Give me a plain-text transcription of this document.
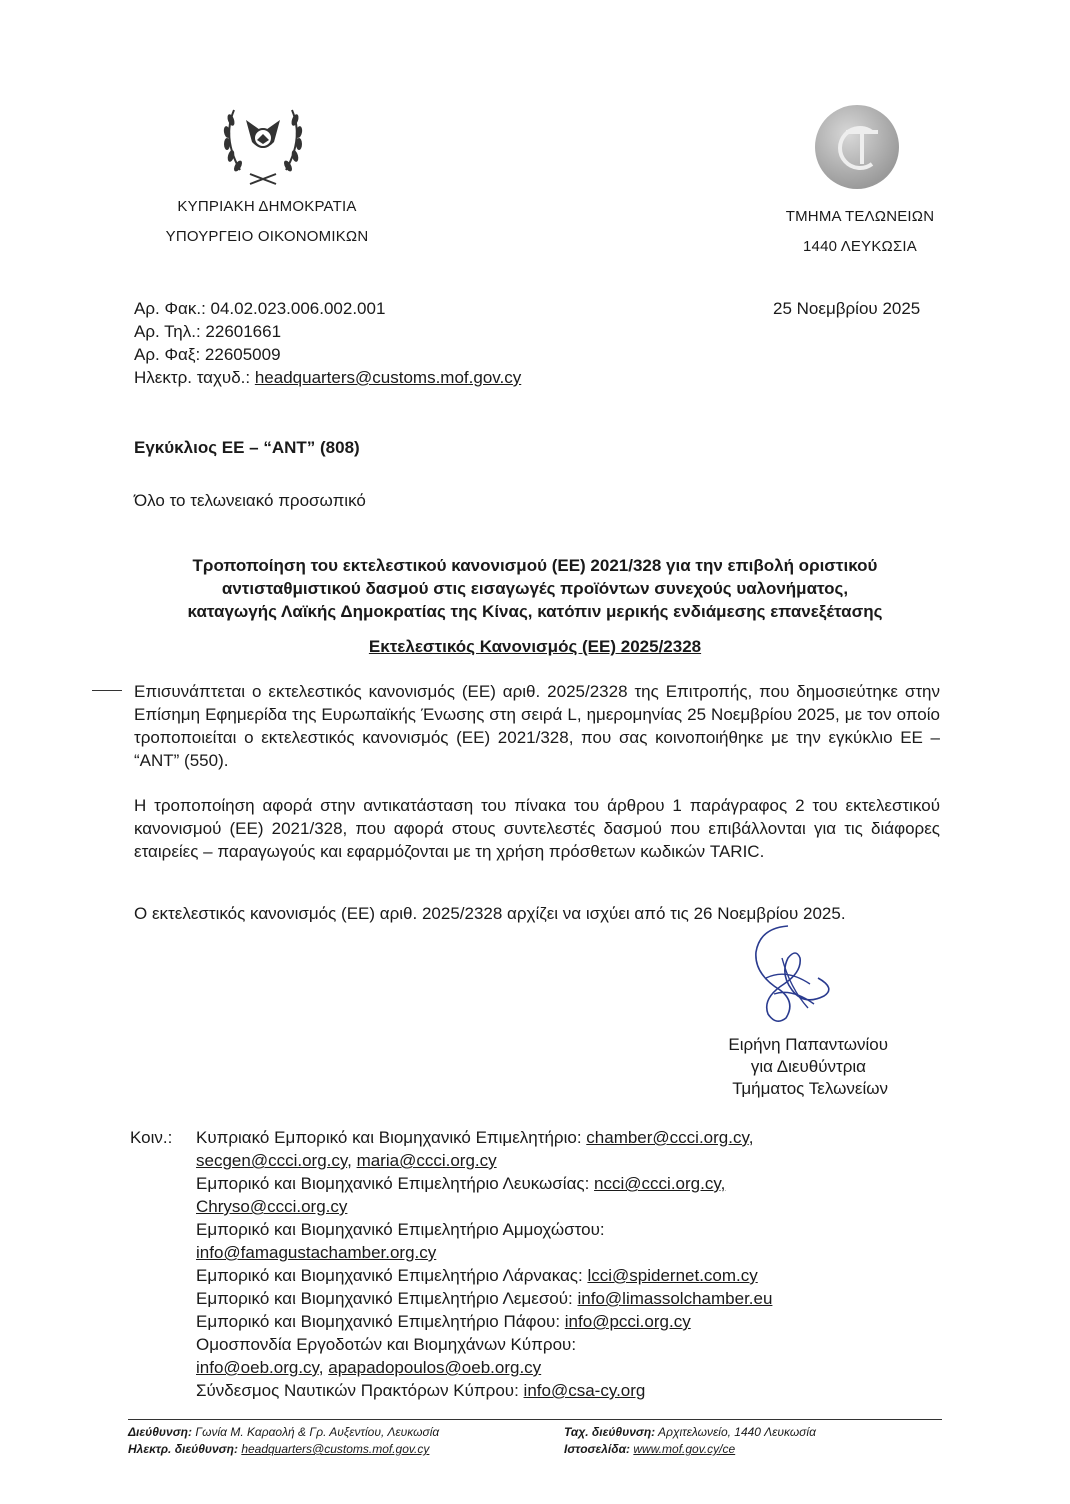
ΚΥΠΡΙΑΚΗ ΔΗΜΟΚΡΑΤΙΑ
ΥΠΟΥΡΓΕΙΟ ΟΙΚΟΝΟΜΙΚΩΝ
ΤΜΗΜΑ ΤΕΛΩΝΕΙΩΝ
1440 ΛΕΥΚΩΣΙΑ
Αρ. Φακ.: 04.02.023.006.002.001
Αρ. Τηλ.: 22601661
Αρ. Φαξ: 22605009
Ηλεκτρ. ταχυδ.: headquarters@customs.mof.gov.cy
25 Νοεμβρίου 2025
Εγκύκλιος ΕΕ – “ΑΝΤ” (808)
Όλο το τελωνειακό προσωπικό
Τροποποίηση του εκτελεστικού κανονισμού (ΕΕ) 2021/328 για την επιβολή οριστικού
αντισταθμιστικού δασμού στις εισαγωγές προϊόντων συνεχούς υαλονήματος,
καταγωγής Λαϊκής Δημοκρατίας της Κίνας, κατόπιν μερικής ενδιάμεσης επανεξέτασης
Εκτελεστικός Κανονισμός (ΕΕ) 2025/2328
Επισυνάπτεται ο εκτελεστικός κανονισμός (ΕΕ) αριθ. 2025/2328 της Επιτροπής, που δημοσιεύτηκε στην Επίσημη Εφημερίδα της Ευρωπαϊκής Ένωσης στη σειρά L, ημερομηνίας 25 Νοεμβρίου 2025, με τον οποίο τροποποιείται ο εκτελεστικός κανονισμός (ΕΕ) 2021/328, που σας κοινοποιήθηκε με την εγκύκλιο ΕΕ – “ΑΝΤ” (550).
Η τροποποίηση αφορά στην αντικατάσταση του πίνακα του άρθρου 1 παράγραφος 2 του εκτελεστικού κανονισμού (ΕΕ) 2021/328, που αφορά στους συντελεστές δασμού που επιβάλλονται για τις διάφορες εταιρείες – παραγωγούς και εφαρμόζονται με τη χρήση πρόσθετων κωδικών TARIC.
Ο εκτελεστικός κανονισμός (ΕΕ) αριθ. 2025/2328 αρχίζει να ισχύει από τις 26 Νοεμβρίου 2025.
Ειρήνη Παπαντωνίου
για Διευθύντρια
Τμήματος Τελωνείων
Κοιν.: Κυπριακό Εμπορικό και Βιομηχανικό Επιμελητήριο: chamber@ccci.org.cy,
secgen@ccci.org.cy, maria@ccci.org.cy
Εμπορικό και Βιομηχανικό Επιμελητήριο Λευκωσίας: ncci@ccci.org.cy,
Chryso@ccci.org.cy
Εμπορικό και Βιομηχανικό Επιμελητήριο Αμμοχώστου:
info@famagustachamber.org.cy
Εμπορικό και Βιομηχανικό Επιμελητήριο Λάρνακας: lcci@spidernet.com.cy
Εμπορικό και Βιομηχανικό Επιμελητήριο Λεμεσού: info@limassolchamber.eu
Εμπορικό και Βιομηχανικό Επιμελητήριο Πάφου: info@pcci.org.cy
Ομοσπονδία Εργοδοτών και Βιομηχάνων Κύπρου:
info@oeb.org.cy, apapadopoulos@oeb.org.cy
Σύνδεσμος Ναυτικών Πρακτόρων Κύπρου: info@csa-cy.org
Διεύθυνση: Γωνία Μ. Καραολή & Γρ. Αυξεντίου, Λευκωσία
Ηλεκτρ. διεύθυνση: headquarters@customs.mof.gov.cy
Ταχ. διεύθυνση: Αρχιτελωνείο, 1440 Λευκωσία
Ιστοσελίδα: www.mof.gov.cy/ce
